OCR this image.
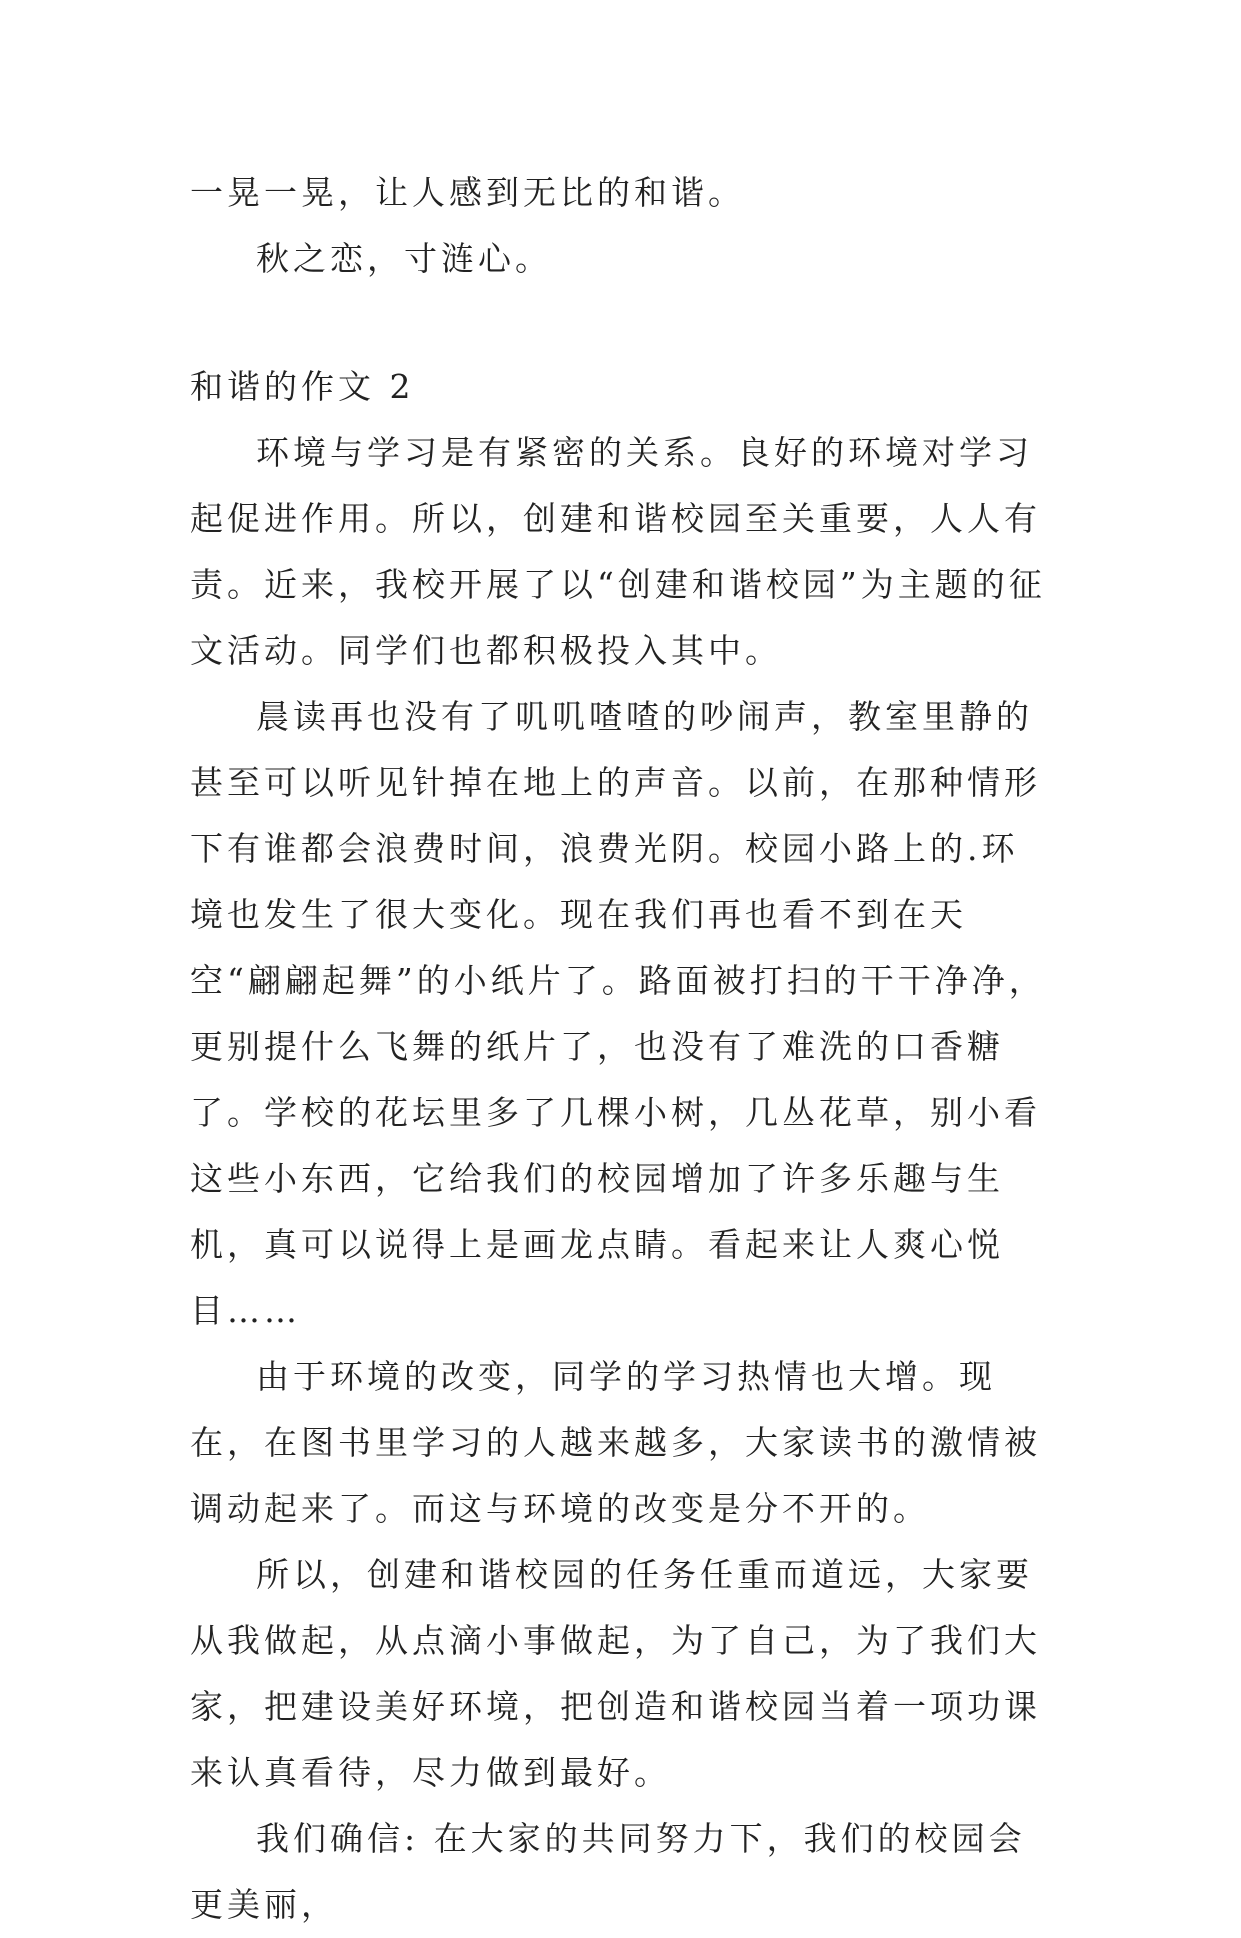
一晃一晃，让人感到无比的和谐。

秋之恋，寸涟心。

和谐的作文 2

环境与学习是有紧密的关系。良好的环境对学习起促进作用。所以，创建和谐校园至关重要，人人有责。近来，我校开展了以“创建和谐校园”为主题的征文活动。同学们也都积极投入其中。

晨读再也没有了叽叽喳喳的吵闹声，教室里静的甚至可以听见针掉在地上的声音。以前，在那种情形下有谁都会浪费时间，浪费光阴。校园小路上的.环境也发生了很大变化。现在我们再也看不到在天空“翩翩起舞”的小纸片了。路面被打扫的干干净净，更别提什么飞舞的纸片了，也没有了难洗的口香糖了。学校的花坛里多了几棵小树，几丛花草，别小看这些小东西，它给我们的校园增加了许多乐趣与生机，真可以说得上是画龙点睛。看起来让人爽心悦目……

由于环境的改变，同学的学习热情也大增。现在，在图书里学习的人越来越多，大家读书的激情被调动起来了。而这与环境的改变是分不开的。

所以，创建和谐校园的任务任重而道远，大家要从我做起，从点滴小事做起，为了自己，为了我们大家，把建设美好环境，把创造和谐校园当着一项功课来认真看待，尽力做到最好。

我们确信: 在大家的共同努力下，我们的校园会更美丽，
